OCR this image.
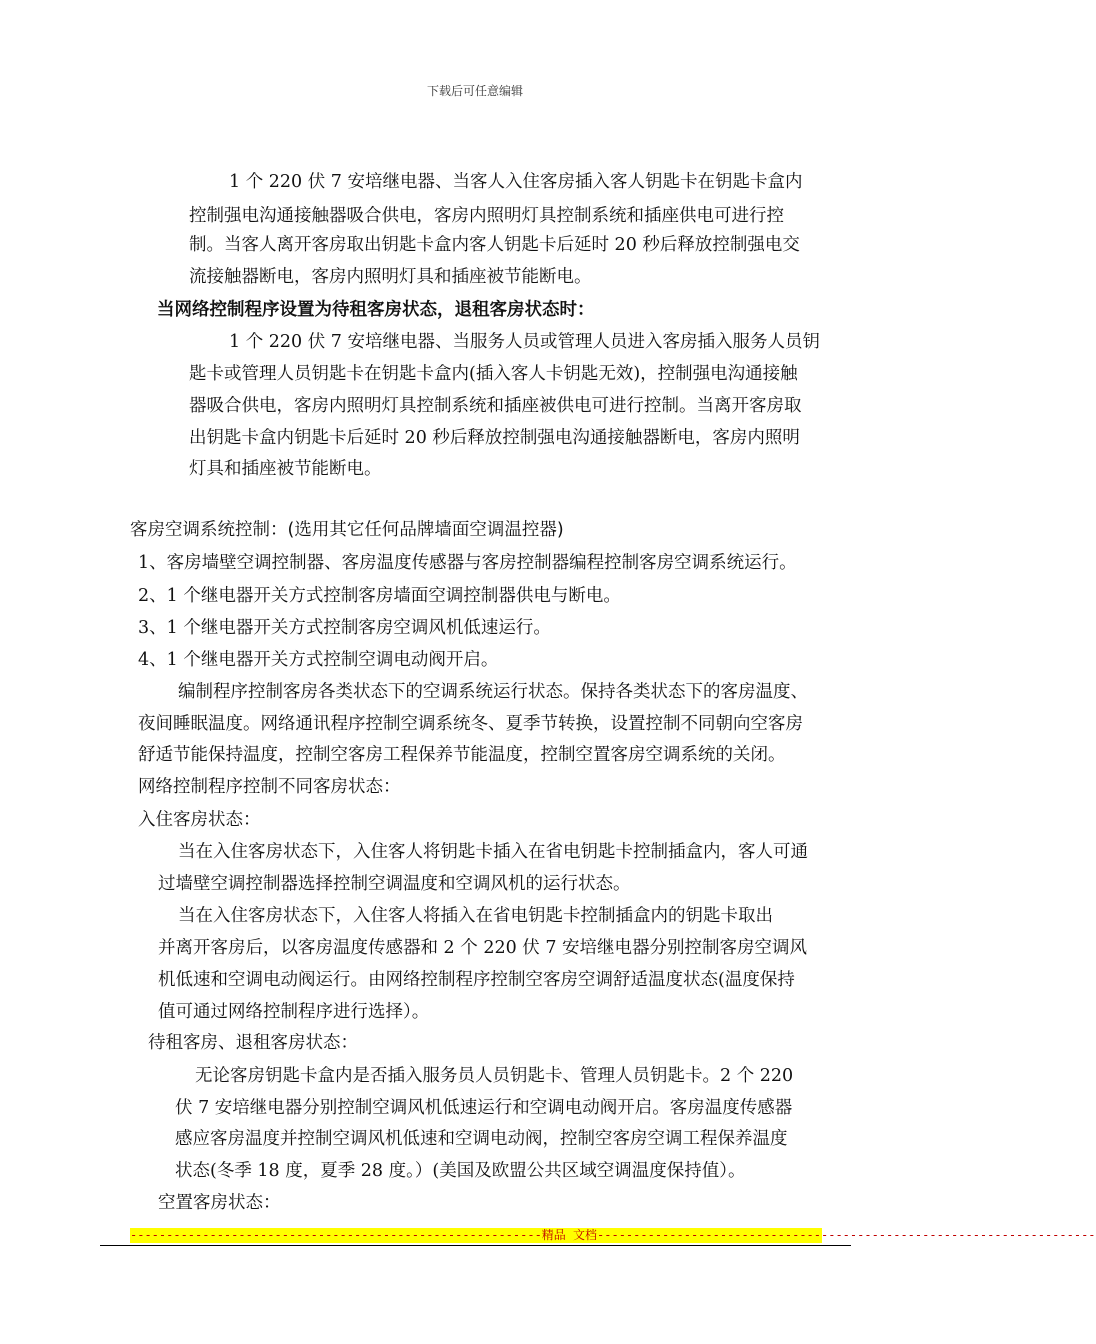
下载后可任意编辑
1 个 220 伏 7 安培继电器、当客人入住客房插入客人钥匙卡在钥匙卡盒内
控制强电沟通接触器吸合供电，客房内照明灯具控制系统和插座供电可进行控
制。当客人离开客房取出钥匙卡盒内客人钥匙卡后延时 20 秒后释放控制强电交
流接触器断电，客房内照明灯具和插座被节能断电。
当网络控制程序设置为待租客房状态，退租客房状态时：
1 个 220 伏 7 安培继电器、当服务人员或管理人员进入客房插入服务人员钥
匙卡或管理人员钥匙卡在钥匙卡盒内(插入客人卡钥匙无效)，控制强电沟通接触
器吸合供电，客房内照明灯具控制系统和插座被供电可进行控制。当离开客房取
出钥匙卡盒内钥匙卡后延时 20 秒后释放控制强电沟通接触器断电，客房内照明
灯具和插座被节能断电。
客房空调系统控制：(选用其它任何品牌墙面空调温控器)
1、客房墙壁空调控制器、客房温度传感器与客房控制器编程控制客房空调系统运行。
2、1 个继电器开关方式控制客房墙面空调控制器供电与断电。
3、1 个继电器开关方式控制客房空调风机低速运行。
4、1 个继电器开关方式控制空调电动阀开启。
编制程序控制客房各类状态下的空调系统运行状态。保持各类状态下的客房温度、
夜间睡眠温度。网络通讯程序控制空调系统冬、夏季节转换，设置控制不同朝向空客房
舒适节能保持温度，控制空客房工程保养节能温度，控制空置客房空调系统的关闭。
网络控制程序控制不同客房状态：
入住客房状态：
当在入住客房状态下，入住客人将钥匙卡插入在省电钥匙卡控制插盒内，客人可通
过墙壁空调控制器选择控制空调温度和空调风机的运行状态。
当在入住客房状态下，入住客人将插入在省电钥匙卡控制插盒内的钥匙卡取出
并离开客房后，以客房温度传感器和 2 个 220 伏 7 安培继电器分别控制客房空调风
机低速和空调电动阀运行。由网络控制程序控制空客房空调舒适温度状态(温度保持
值可通过网络控制程序进行选择）。
待租客房、退租客房状态：
无论客房钥匙卡盒内是否插入服务员人员钥匙卡、管理人员钥匙卡。2 个 220
伏 7 安培继电器分别控制空调风机低速运行和空调电动阀开启。客房温度传感器
感应客房温度并控制空调风机低速和空调电动阀，控制空客房空调工程保养温度
状态(冬季 18 度，夏季 28 度。）(美国及欧盟公共区域空调温度保持值）。
空置客房状态：
---------------------------------------------------------精品 文档---------------------------------------------------------------------
